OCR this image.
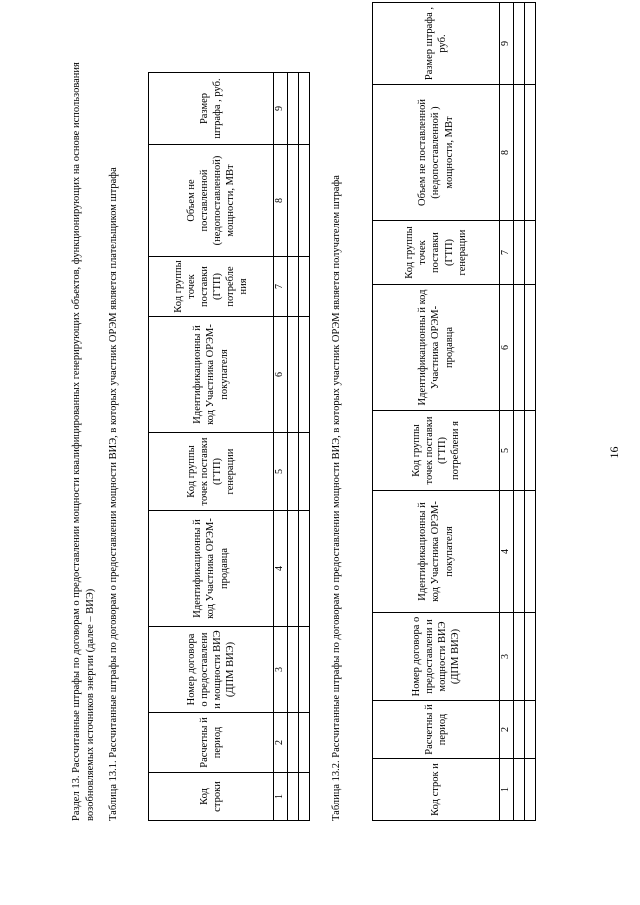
16
Раздел 13. Рассчитанные штрафы по договорам о предоставлении мощности квалифицированных генерирующих объектов, функционирующих на основе использования возобновляемых источников энергии (далее – ВИЭ) Таблица 13.1. Рассчитанные штрафы по договорам о предоставлении мощности ВИЭ, в которых участник ОРЭМ является плательщиком штрафа	Код строки	Расчетны й период	Номер договора о предоставлени и мощности ВИЭ (ДПМ ВИЭ)	Идентификационны й код Участника ОРЭМ-продавца	Код группы точек поставки (ГТП) генерации	Идентификационны й код Участника ОРЭМ-покупателя	Код группы точек поставки (ГТП) потребле ния	Объем не поставленной (недопоставленной) мощности, МВт	Размер штрафа , руб.
1	2	3	4	5	6	7	8	9

Таблица 13.2. Рассчитанные штрафы по договорам о предоставлении мощности ВИЭ, в которых участник ОРЭМ является получателем штрафа	Код строк и	Расчетны й период	Номер договора о предоставлени и мощности ВИЭ (ДПМ ВИЭ)	Идентификационны й код Участника ОРЭМ-покупателя	Код группы точек поставки (ГТП) потреблени я	Идентификационны й код Участника ОРЭМ-продавца	Код группы точек поставки (ГТП) генерации	Объем не поставленной (недопоставленной ) мощности, МВт	Размер штрафа , руб.
1	2	3	4	5	6	7	8	9
